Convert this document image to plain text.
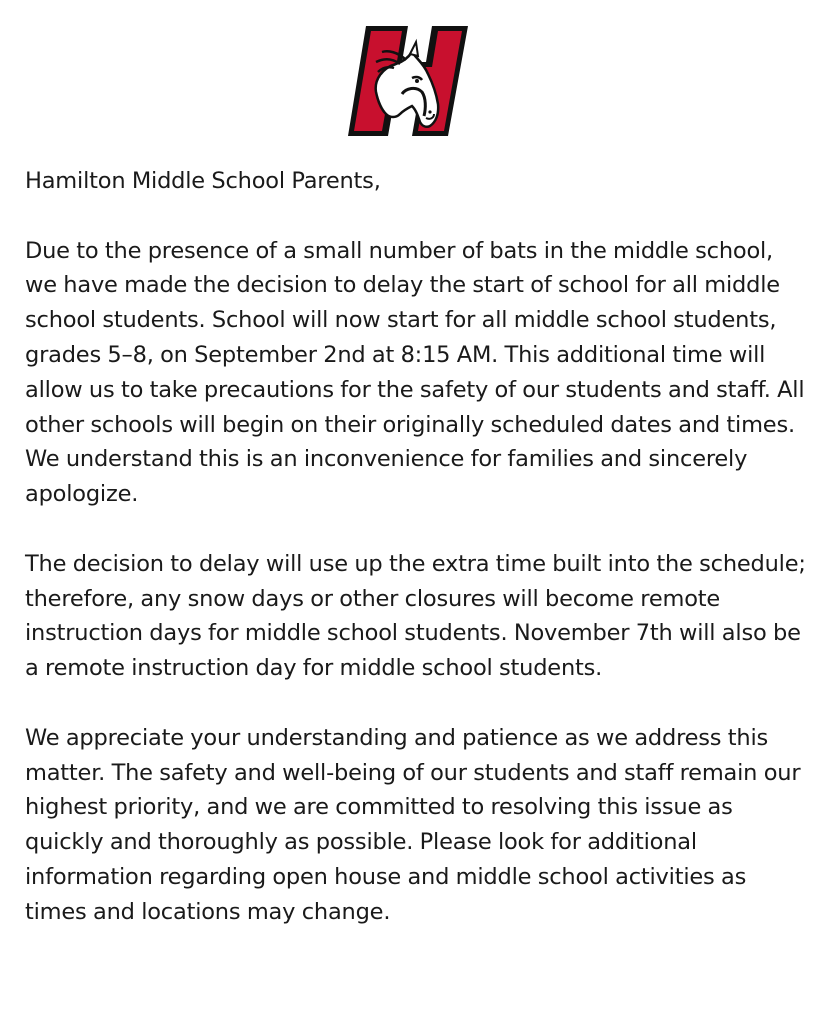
Hamilton Middle School Parents,

Due to the presence of a small number of bats in the middle school, we have made the decision to delay the start of school for all middle school students. School will now start for all middle school students, grades 5–8, on September 2nd at 8:15 AM. This additional time will allow us to take precautions for the safety of our students and staff. All other schools will begin on their originally scheduled dates and times. We understand this is an inconvenience for families and sincerely apologize.

The decision to delay will use up the extra time built into the schedule; therefore, any snow days or other closures will become remote instruction days for middle school students. November 7th will also be a remote instruction day for middle school students.

We appreciate your understanding and patience as we address this matter. The safety and well-being of our students and staff remain our highest priority, and we are committed to resolving this issue as quickly and thoroughly as possible. Please look for additional information regarding open house and middle school activities as times and locations may change.
